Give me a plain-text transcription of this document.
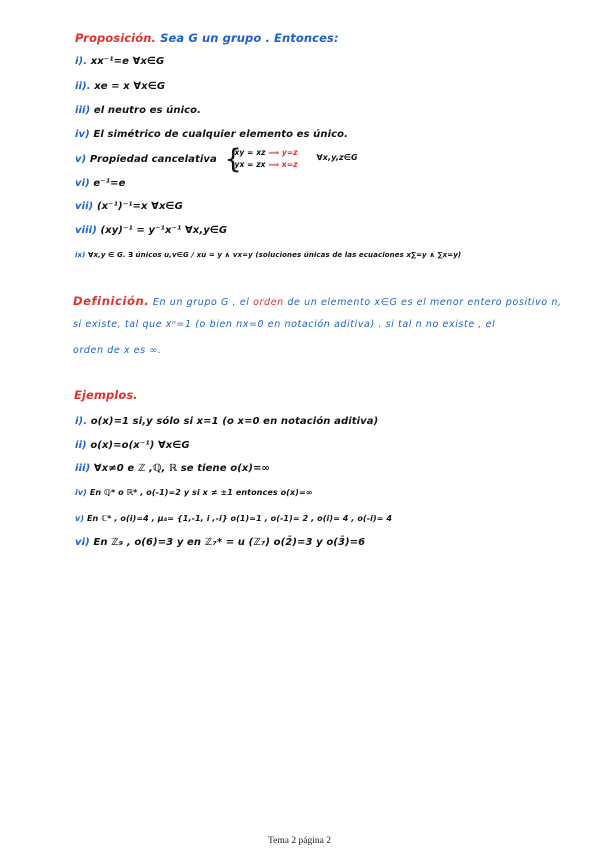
Proposición. Sea G un grupo . Entonces:
i). xx⁻¹=e ∀x∈G
ii). xe = x ∀x∈G
iii) el neutro es único.
iv) El simétrico de cualquier elemento es único.
v) Propiedad cancelativa {
xy = xz ⟹ y=z
yx = zx ⟹ x=z
∀x,y,z∈G
vi) e⁻¹=e
vii) (x⁻¹)⁻¹=x ∀x∈G
viii) (xy)⁻¹ = y⁻¹x⁻¹ ∀x,y∈G
ix) ∀x,y ∈ G. ∃ únicos u,v∈G / xu = y ∧ vx=y (soluciones únicas de las ecuaciones x∑=y ∧ ∑x=y)
Definición. En un grupo G , el orden de un elemento x∈G es el menor entero positivo n,
si existe, tal que xⁿ=1 (o bien nx=0 en notación aditiva) . si tal n no existe , el
orden de x es ∞.
Ejemplos.
i). o(x)=1 si,y sólo si x=1 (o x=0 en notación aditiva)
ii) o(x)=o(x⁻¹) ∀x∈G
iii) ∀x≠0 e ℤ ,ℚ, ℝ se tiene o(x)=∞
iv) En ℚ* o ℝ* , o(-1)=2 y si x ≠ ±1 entonces o(x)=∞
v) En ℂ* , o(i)=4 , μ₄= {1,-1, i ,-i} o(1)=1 , o(-1)= 2 , o(i)= 4 , o(-i)= 4
vi) En ℤ₉ , o(6)=3 y en ℤ₇* = u (ℤ₇) o(2̄)=3 y o(3̄)=6
Tema 2 página 2
